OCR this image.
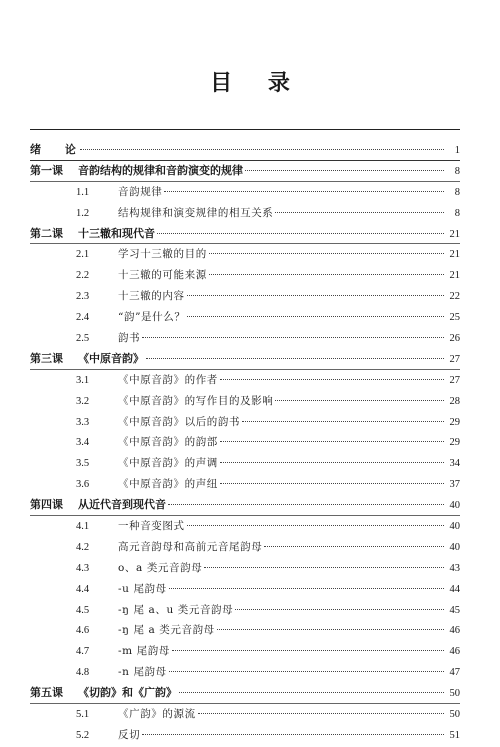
目 录
绪 论	1
第一课	音韵结构的规律和音韵演变的规律	8
1.1	音韵规律	8
1.2	结构规律和演变规律的相互关系	8
第二课	十三辙和现代音	21
2.1	学习十三辙的目的	21
2.2	十三辙的可能来源	21
2.3	十三辙的内容	22
2.4	“韵”是什么？	25
2.5	韵书	26
第三课	《中原音韵》	27
3.1	《中原音韵》的作者	27
3.2	《中原音韵》的写作目的及影响	28
3.3	《中原音韵》以后的韵书	29
3.4	《中原音韵》的韵部	29
3.5	《中原音韵》的声调	34
3.6	《中原音韵》的声纽	37
第四课	从近代音到现代音	40
4.1	一种音变图式	40
4.2	高元音韵母和高前元音尾韵母	40
4.3	o、a 类元音韵母	43
4.4	-u 尾韵母	44
4.5	-ŋ 尾 a、u 类元音韵母	45
4.6	-ŋ 尾 a 类元音韵母	46
4.7	-m 尾韵母	46
4.8	-n 尾韵母	47
第五课	《切韵》和《广韵》	50
5.1	《广韵》的源流	50
5.2	反切	51
